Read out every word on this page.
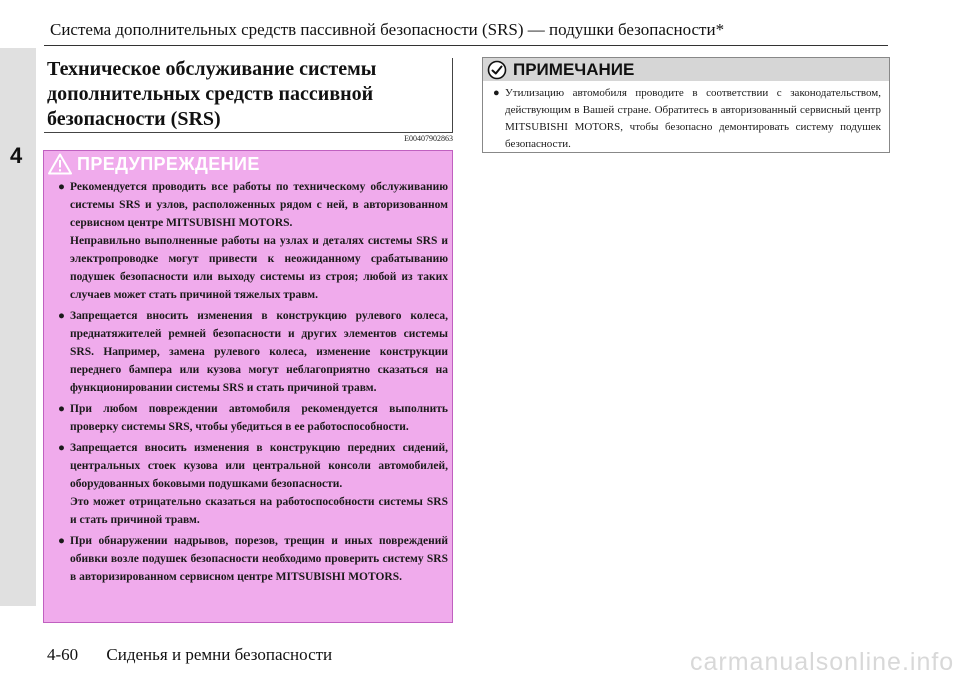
4
Система дополнительных средств пассивной безопасности (SRS) — подушки безопасности*
Техническое обслуживание системы дополнительных средств пассивной безопасности (SRS)
E00407902863
ПРЕДУПРЕЖДЕНИЕ
● Рекомендуется проводить все работы по техническому обслуживанию системы SRS и узлов, расположенных рядом с ней, в авторизованном сервисном центре MITSUBISHI MOTORS.
Неправильно выполненные работы на узлах и деталях системы SRS и электропроводке могут привести к неожиданному срабатыванию подушек безопасности или выходу системы из строя; любой из таких случаев может стать причиной тяжелых травм.
● Запрещается вносить изменения в конструкцию рулевого колеса, преднатяжителей ремней безопасности и других элементов системы SRS. Например, замена рулевого колеса, изменение конструкции переднего бампера или кузова могут неблагоприятно сказаться на функционировании системы SRS и стать причиной травм.
● При любом повреждении автомобиля рекомендуется выполнить проверку системы SRS, чтобы убедиться в ее работоспособности.
● Запрещается вносить изменения в конструкцию передних сидений, центральных стоек кузова или центральной консоли автомобилей, оборудованных боковыми подушками безопасности.
Это может отрицательно сказаться на работоспособности системы SRS и стать причиной травм.
● При обнаружении надрывов, порезов, трещин и иных повреждений обивки возле подушек безопасности необходимо проверить систему SRS в авторизированном сервисном центре MITSUBISHI MOTORS.
ПРИМЕЧАНИЕ
● Утилизацию автомобиля проводите в соответствии с законодательством, действующим в Вашей стране. Обратитесь в авторизованный сервисный центр MITSUBISHI MOTORS, чтобы безопасно демонтировать систему подушек безопасности.
4-60 Сиденья и ремни безопасности	carmanualsonline.info
